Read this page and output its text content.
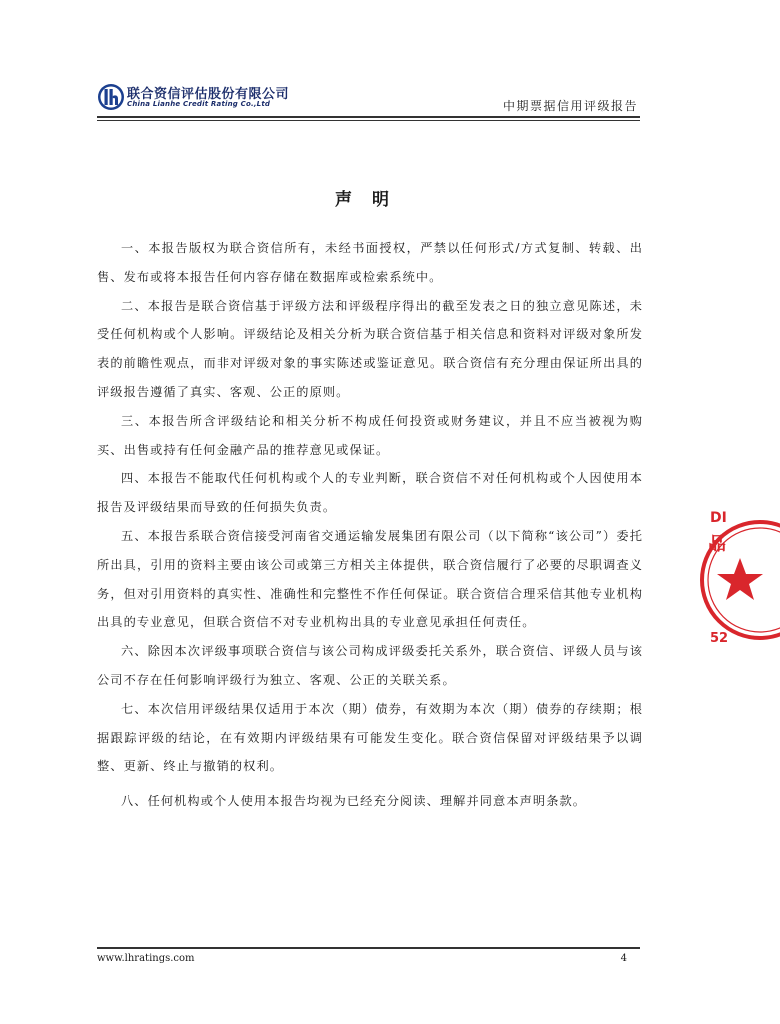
联合资信评估股份有限公司
China Lianhe Credit Rating Co.,Ltd	中期票据信用评级报告
声明

一、本报告版权为联合资信所有，未经书面授权，严禁以任何形式/方式复制、转载、出售、发布或将本报告任何内容存储在数据库或检索系统中。

二、本报告是联合资信基于评级方法和评级程序得出的截至发表之日的独立意见陈述，未受任何机构或个人影响。评级结论及相关分析为联合资信基于相关信息和资料对评级对象所发表的前瞻性观点，而非对评级对象的事实陈述或鉴证意见。联合资信有充分理由保证所出具的评级报告遵循了真实、客观、公正的原则。

三、本报告所含评级结论和相关分析不构成任何投资或财务建议，并且不应当被视为购买、出售或持有任何金融产品的推荐意见或保证。

四、本报告不能取代任何机构或个人的专业判断，联合资信不对任何机构或个人因使用本报告及评级结果而导致的任何损失负责。

五、本报告系联合资信接受河南省交通运输发展集团有限公司（以下简称“该公司”）委托所出具，引用的资料主要由该公司或第三方相关主体提供，联合资信履行了必要的尽职调查义务，但对引用资料的真实性、准确性和完整性不作任何保证。联合资信合理采信其他专业机构出具的专业意见，但联合资信不对专业机构出具的专业意见承担任何责任。

六、除因本次评级事项联合资信与该公司构成评级委托关系外，联合资信、评级人员与该公司不存在任何影响评级行为独立、客观、公正的关联关系。

七、本次信用评级结果仅适用于本次（期）债券，有效期为本次（期）债券的存续期；根据跟踪评级的结论，在有效期内评级结果有可能发生变化。联合资信保留对评级结果予以调整、更新、终止与撤销的权利。

八、任何机构或个人使用本报告均视为已经充分阅读、理解并同意本声明条款。

DI
品
52
www.lhratings.com	4
